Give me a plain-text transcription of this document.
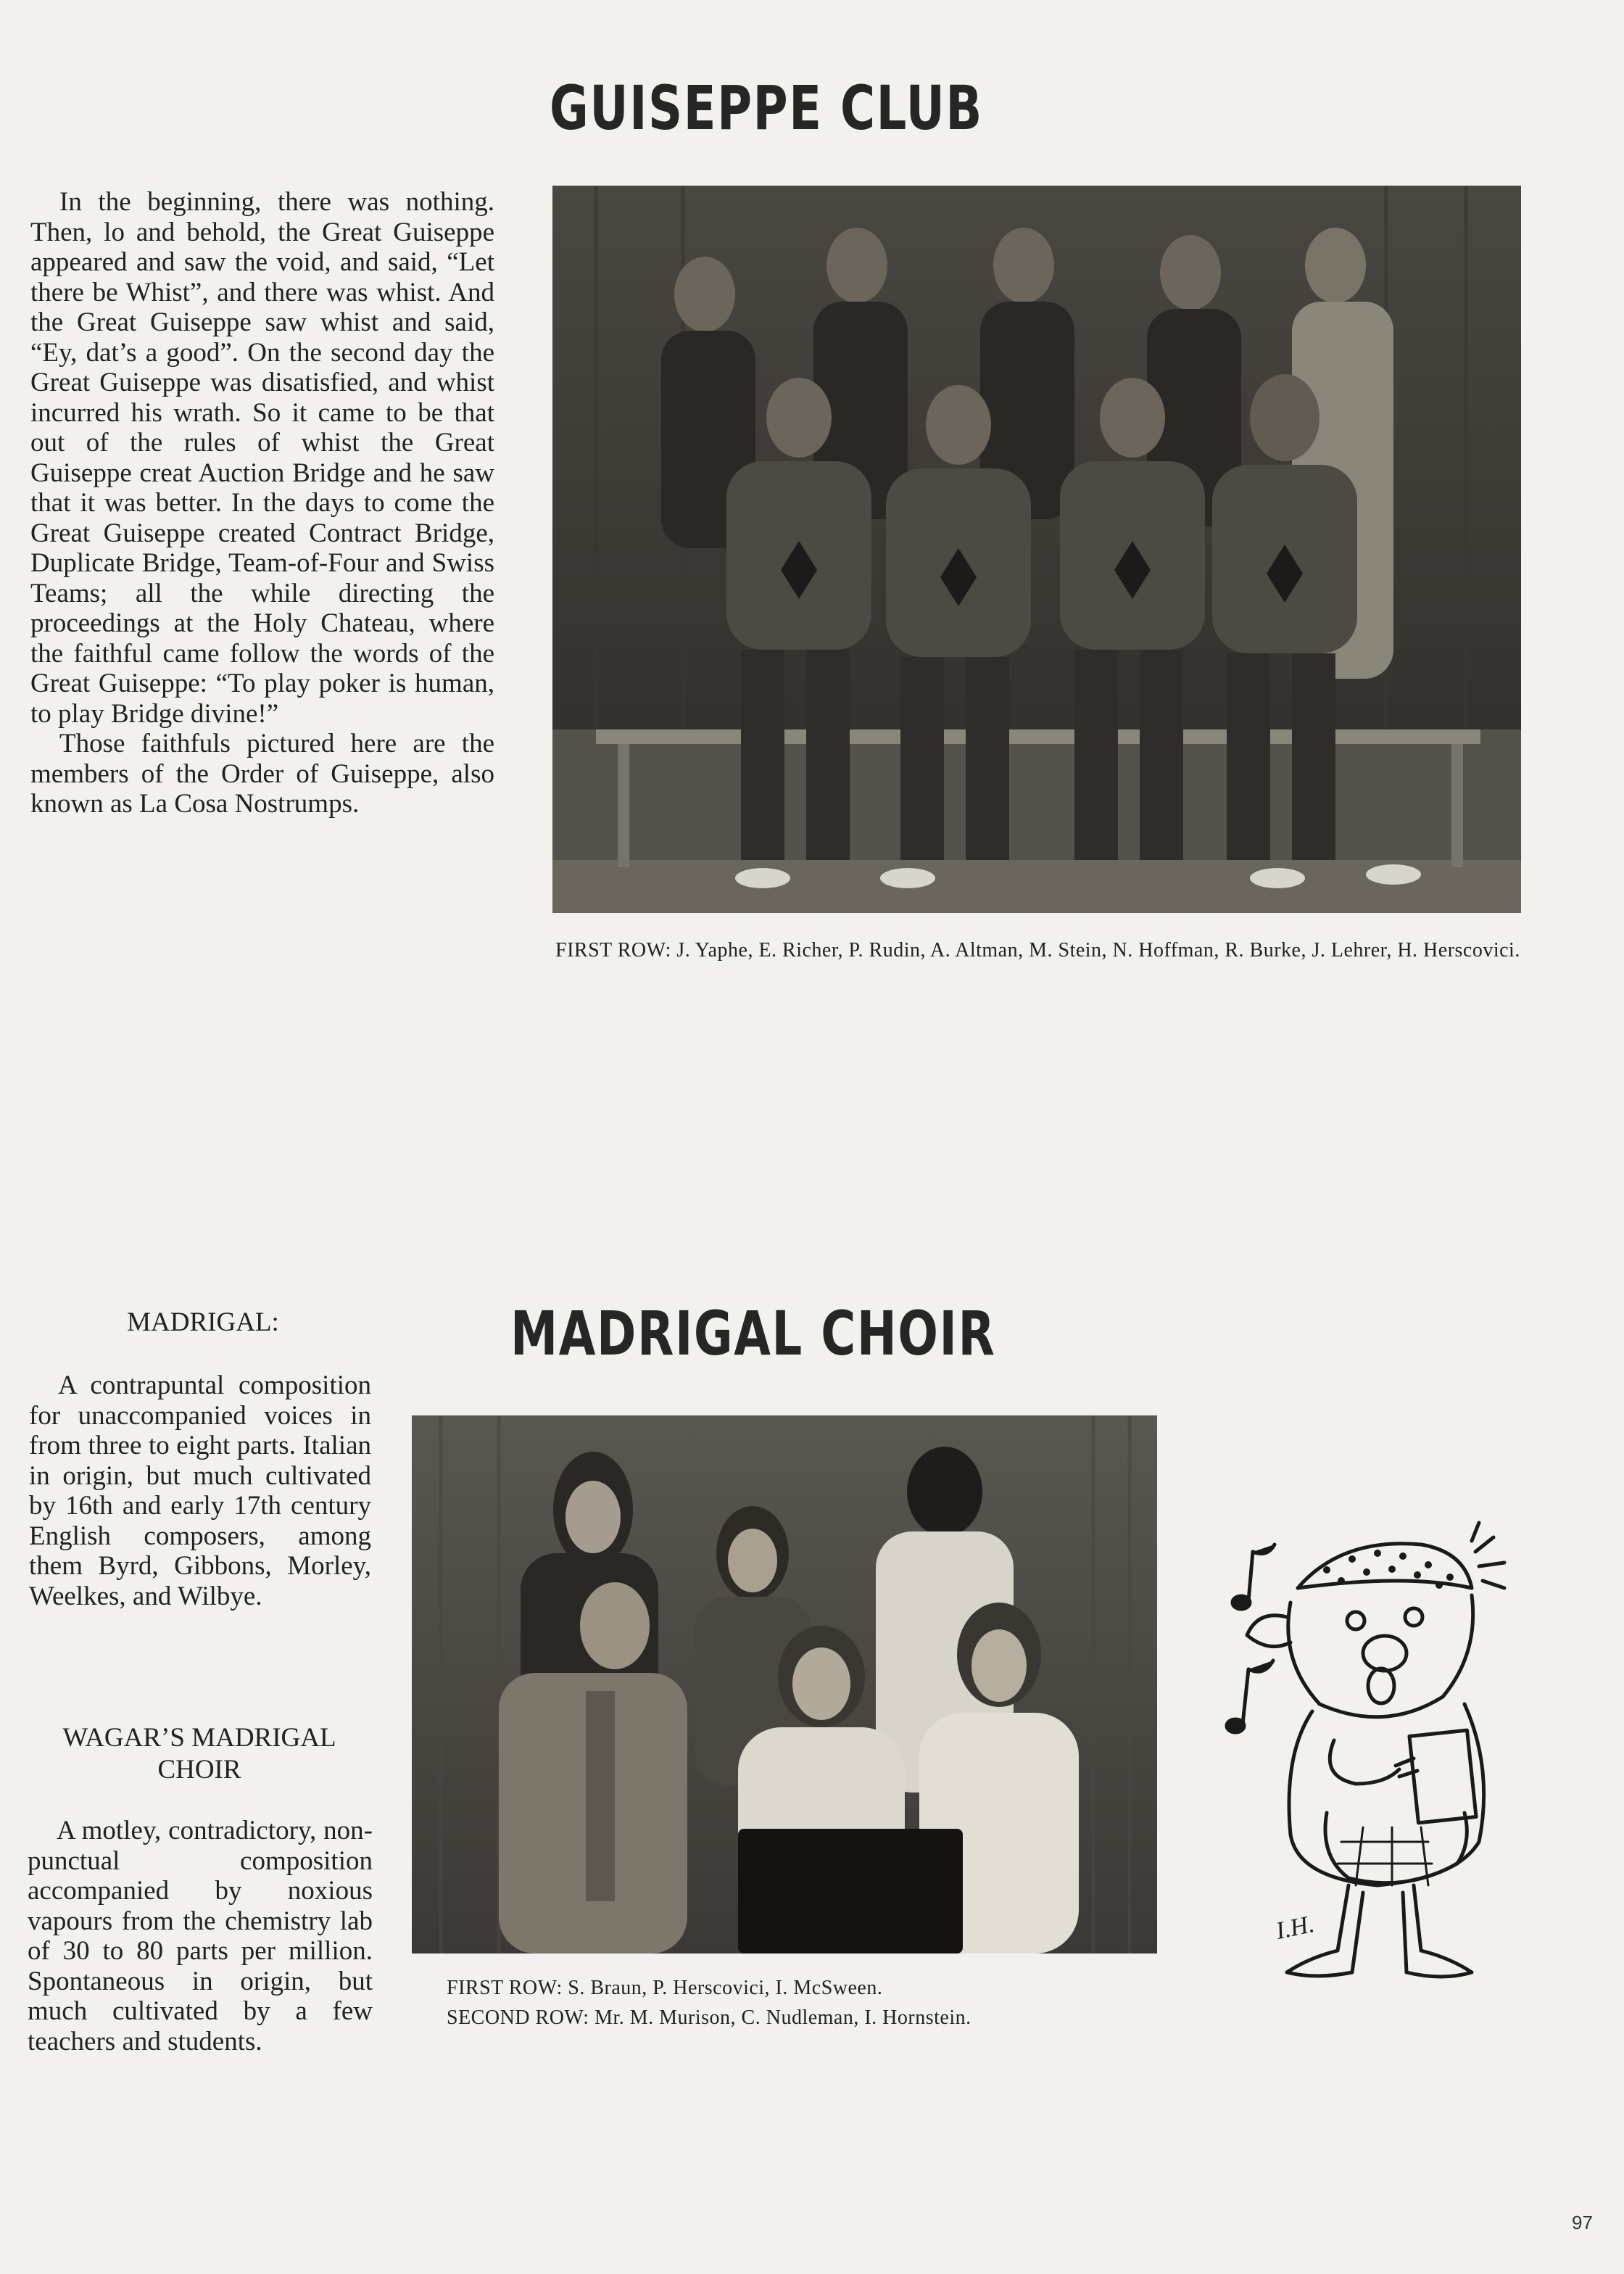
GUISEPPE CLUB

In the beginning, there was nothing. Then, lo and behold, the Great Guiseppe appeared and saw the void, and said, “Let there be Whist”, and there was whist. And the Great Guiseppe saw whist and said, “Ey, dat’s a good”. On the second day the Great Guiseppe was disatisfied, and whist incurred his wrath. So it came to be that out of the rules of whist the Great Guiseppe creat Auction Bridge and he saw that it was better. In the days to come the Great Guiseppe created Contract Bridge, Duplicate Bridge, Team-of-Four and Swiss Teams; all the while directing the proceedings at the Holy Chateau, where the faithful came follow the words of the Great Guiseppe: “To play poker is human, to play Bridge divine!”

Those faithfuls pictured here are the members of the Order of Guiseppe, also known as La Cosa Nostrumps.

FIRST ROW: J. Yaphe, E. Richer, P. Rudin, A. Altman, M. Stein, N. Hoffman, R. Burke, J. Lehrer, H. Herscovici.
MADRIGAL:	MADRIGAL CHOIR

A contrapuntal composition for unaccompanied voices in from three to eight parts. Italian in origin, but much cultivated by 16th and early 17th century English composers, among them Byrd, Gibbons, Morley, Weelkes, and Wilbye.

WAGAR’S MADRIGAL CHOIR

A motley, contradictory, non-punctual composition accompanied by noxious vapours from the chemistry lab of 30 to 80 parts per million. Spontaneous in origin, but much cultivated by a few teachers and students.

FIRST ROW: S. Braun, P. Herscovici, I. McSween.
SECOND ROW: Mr. M. Murison, C. Nudleman, I. Hornstein.
I.H.
97
